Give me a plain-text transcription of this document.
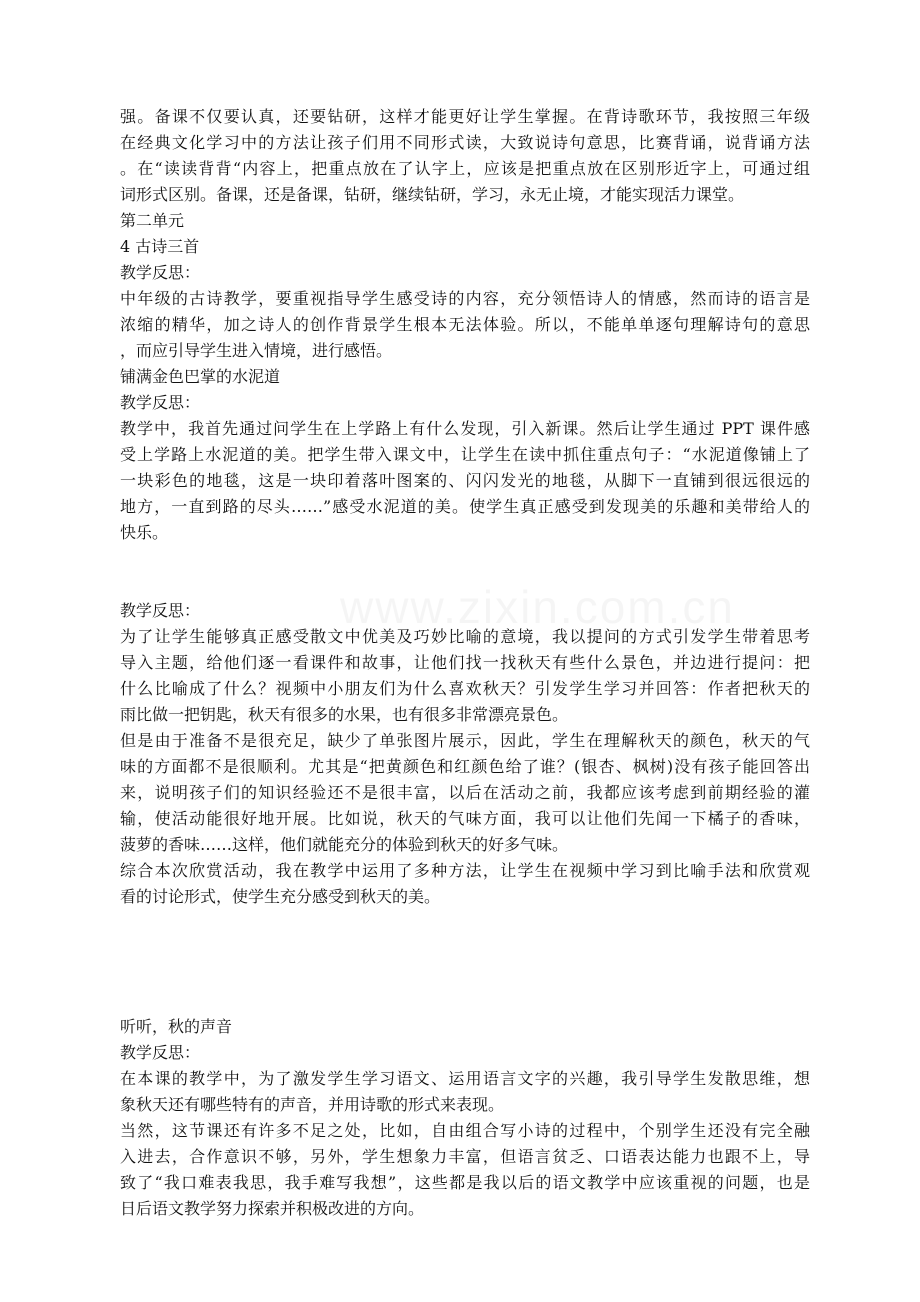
强。备课不仅要认真，还要钻研，这样才能更好让学生掌握。在背诗歌环节，我按照三年级
在经典文化学习中的方法让孩子们用不同形式读，大致说诗句意思，比赛背诵，说背诵方法
。在“读读背背“内容上，把重点放在了认字上，应该是把重点放在区别形近字上，可通过组
词形式区别。备课，还是备课，钻研，继续钻研，学习，永无止境，才能实现活力课堂。
第二单元
4 古诗三首
教学反思：
中年级的古诗教学，要重视指导学生感受诗的内容，充分领悟诗人的情感，然而诗的语言是
浓缩的精华，加之诗人的创作背景学生根本无法体验。所以，不能单单逐句理解诗句的意思
，而应引导学生进入情境，进行感悟。
铺满金色巴掌的水泥道
教学反思：
教学中，我首先通过问学生在上学路上有什么发现，引入新课。然后让学生通过 PPT 课件感
受上学路上水泥道的美。把学生带入课文中，让学生在读中抓住重点句子：“水泥道像铺上了
一块彩色的地毯，这是一块印着落叶图案的、闪闪发光的地毯，从脚下一直铺到很远很远的
地方，一直到路的尽头……”感受水泥道的美。使学生真正感受到发现美的乐趣和美带给人的
快乐。
教学反思：
为了让学生能够真正感受散文中优美及巧妙比喻的意境，我以提问的方式引发学生带着思考
导入主题，给他们逐一看课件和故事，让他们找一找秋天有些什么景色，并边进行提问：把
什么比喻成了什么？视频中小朋友们为什么喜欢秋天？引发学生学习并回答：作者把秋天的
雨比做一把钥匙，秋天有很多的水果，也有很多非常漂亮景色。
但是由于准备不是很充足，缺少了单张图片展示，因此，学生在理解秋天的颜色，秋天的气
味的方面都不是很顺利。尤其是“把黄颜色和红颜色给了谁？(银杏、枫树)没有孩子能回答出
来，说明孩子们的知识经验还不是很丰富，以后在活动之前，我都应该考虑到前期经验的灌
输，使活动能很好地开展。比如说，秋天的气味方面，我可以让他们先闻一下橘子的香味，
菠萝的香味……这样，他们就能充分的体验到秋天的好多气味。
综合本次欣赏活动，我在教学中运用了多种方法，让学生在视频中学习到比喻手法和欣赏观
看的讨论形式，使学生充分感受到秋天的美。
听听，秋的声音
教学反思：
在本课的教学中，为了激发学生学习语文、运用语言文字的兴趣，我引导学生发散思维，想
象秋天还有哪些特有的声音，并用诗歌的形式来表现。
当然，这节课还有许多不足之处，比如，自由组合写小诗的过程中，个别学生还没有完全融
入进去，合作意识不够，另外，学生想象力丰富，但语言贫乏、口语表达能力也跟不上，导
致了“我口难表我思，我手难写我想”，这些都是我以后的语文教学中应该重视的问题，也是
日后语文教学努力探索并积极改进的方向。
